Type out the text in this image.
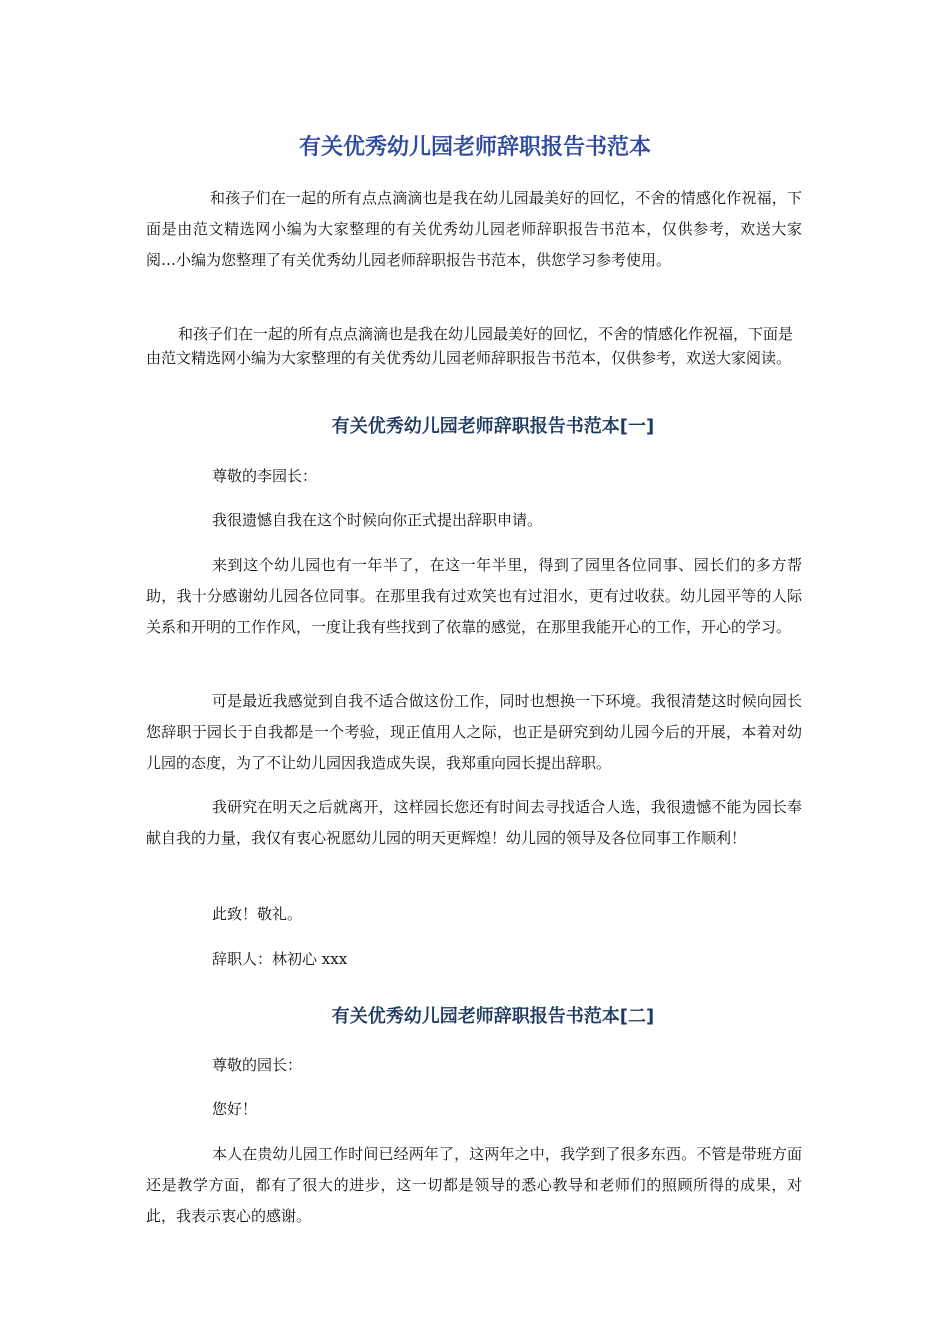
有关优秀幼儿园老师辞职报告书范本

和孩子们在一起的所有点点滴滴也是我在幼儿园最美好的回忆，不舍的情感化作祝福，下面是由范文精选网小编为大家整理的有关优秀幼儿园老师辞职报告书范本，仅供参考，欢送大家阅…小编为您整理了有关优秀幼儿园老师辞职报告书范本，供您学习参考使用。

和孩子们在一起的所有点点滴滴也是我在幼儿园最美好的回忆，不舍的情感化作祝福，下面是由范文精选网小编为大家整理的有关优秀幼儿园老师辞职报告书范本，仅供参考，欢送大家阅读。

有关优秀幼儿园老师辞职报告书范本[一]

尊敬的李园长：

我很遗憾自我在这个时候向你正式提出辞职申请。

来到这个幼儿园也有一年半了，在这一年半里，得到了园里各位同事、园长们的多方帮助，我十分感谢幼儿园各位同事。在那里我有过欢笑也有过泪水，更有过收获。幼儿园平等的人际关系和开明的工作作风，一度让我有些找到了依靠的感觉，在那里我能开心的工作，开心的学习。

可是最近我感觉到自我不适合做这份工作，同时也想换一下环境。我很清楚这时候向园长您辞职于园长于自我都是一个考验，现正值用人之际，也正是研究到幼儿园今后的开展，本着对幼儿园的态度，为了不让幼儿园因我造成失误，我郑重向园长提出辞职。

我研究在明天之后就离开，这样园长您还有时间去寻找适合人选，我很遗憾不能为园长奉献自我的力量，我仅有衷心祝愿幼儿园的明天更辉煌！幼儿园的领导及各位同事工作顺利！

此致！敬礼。

辞职人：林初心 xxx

有关优秀幼儿园老师辞职报告书范本[二]

尊敬的园长：

您好！

本人在贵幼儿园工作时间已经两年了，这两年之中，我学到了很多东西。不管是带班方面还是教学方面，都有了很大的进步，这一切都是领导的悉心教导和老师们的照顾所得的成果，对此，我表示衷心的感谢。
